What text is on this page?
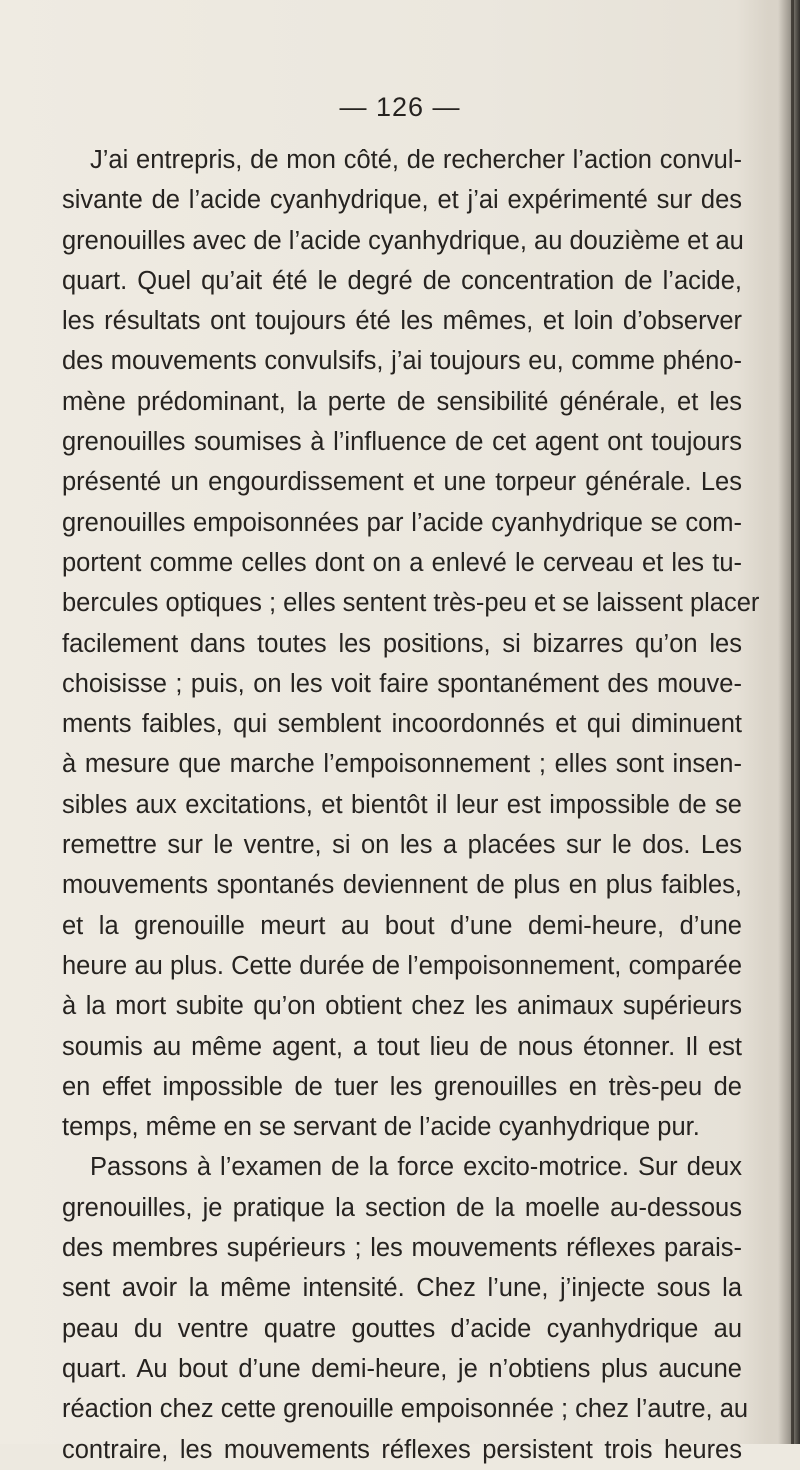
— 126 —
J’ai entrepris, de mon côté, de rechercher l’action convul-
sivante de l’acide cyanhydrique, et j’ai expérimenté sur des
grenouilles avec de l’acide cyanhydrique, au douzième et au
quart. Quel qu’ait été le degré de concentration de l’acide,
les résultats ont toujours été les mêmes, et loin d’observer
des mouvements convulsifs, j’ai toujours eu, comme phéno-
mène prédominant, la perte de sensibilité générale, et les
grenouilles soumises à l’influence de cet agent ont toujours
présenté un engourdissement et une torpeur générale. Les
grenouilles empoisonnées par l’acide cyanhydrique se com-
portent comme celles dont on a enlevé le cerveau et les tu-
bercules optiques ; elles sentent très-peu et se laissent placer
facilement dans toutes les positions, si bizarres qu’on les
choisisse ; puis, on les voit faire spontanément des mouve-
ments faibles, qui semblent incoordonnés et qui diminuent
à mesure que marche l’empoisonnement ; elles sont insen-
sibles aux excitations, et bientôt il leur est impossible de se
remettre sur le ventre, si on les a placées sur le dos. Les
mouvements spontanés deviennent de plus en plus faibles,
et la grenouille meurt au bout d’une demi-heure, d’une
heure au plus. Cette durée de l’empoisonnement, comparée
à la mort subite qu’on obtient chez les animaux supérieurs
soumis au même agent, a tout lieu de nous étonner. Il est
en effet impossible de tuer les grenouilles en très-peu de
temps, même en se servant de l’acide cyanhydrique pur.
Passons à l’examen de la force excito-motrice. Sur deux
grenouilles, je pratique la section de la moelle au-dessous
des membres supérieurs ; les mouvements réflexes parais-
sent avoir la même intensité. Chez l’une, j’injecte sous la
peau du ventre quatre gouttes d’acide cyanhydrique au
quart. Au bout d’une demi-heure, je n’obtiens plus aucune
réaction chez cette grenouille empoisonnée ; chez l’autre, au
contraire, les mouvements réflexes persistent trois heures
